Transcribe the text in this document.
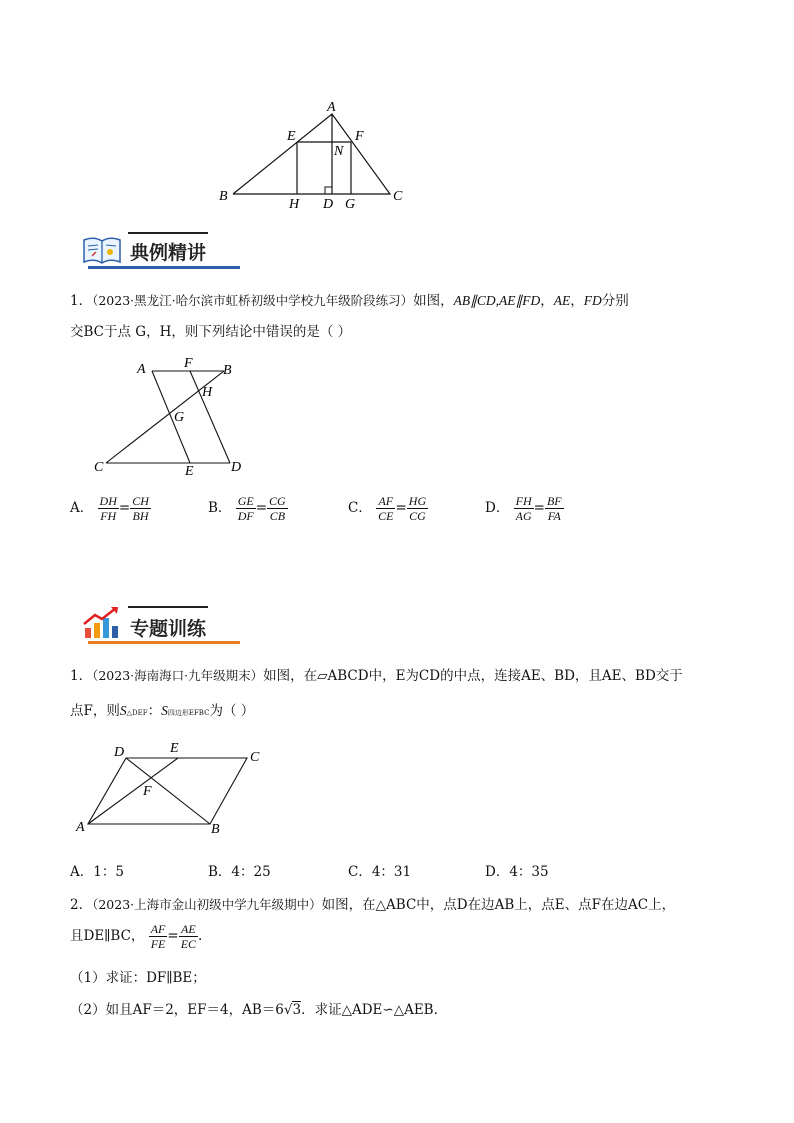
A
E	F
N
B
H D G
C
典例精讲
1．（2023·黑龙江·哈尔滨市虹桥初级中学校九年级阶段练习）如图，AB∥CD,AE∥FD，AE，FD分别
交BC于点 G，H，则下列结论中错误的是（ ）
A	F B
H
G
C	E	D
A． $\frac{DH}{FH} = \frac{CH}{BH}$	B． $\frac{GE}{DF} = \frac{CG}{CB}$	C． $\frac{AF}{CE} = \frac{HG}{CG}$	D． $\frac{FH}{AG} = \frac{BF}{FA}$
专题训练
1．（2023·海南海口·九年级期末）如图，在▱ABCD中，E为CD的中点，连接AE、BD，且AE、BD交于
点F，则S△DEF：S四边形EFBC为（ ）
D	E
C
F
A	B
A．1：5	B．4：25	C．4：31	D．4：35
2．（2023·上海市金山初级中学九年级期中）如图，在△ABC中，点D在边AB上，点E、点F在边AC上，
且DE∥BC， $\frac{AF}{FE} = \frac{AE}{EC}$ .
（1）求证：DF∥BE；
（2）如且AF＝2，EF＝4，AB＝6√3．求证△ADE∽△AEB.
